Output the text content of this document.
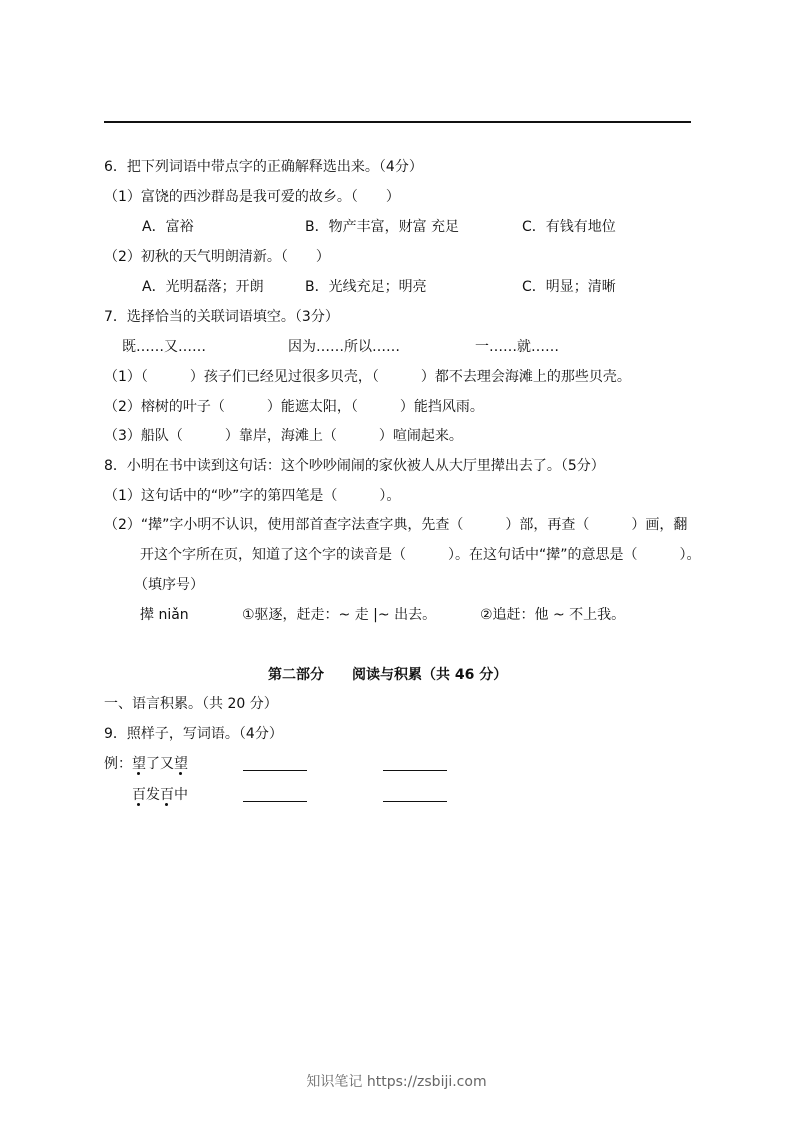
6．把下列词语中带点字的正确解释选出来。（4分）
（1）富饶的西沙群岛是我可爱的故乡。（　　）
A．富裕	B．物产丰富，财富 充足	C．有钱有地位
（2）初秋的天气明朗清新。（　　）
A．光明磊落；开朗	B．光线充足；明亮	C．明显；清晰
7．选择恰当的关联词语填空。（3分）
既……又……	因为……所以……	一……就……
（1）（　　　）孩子们已经见过很多贝壳，（　　　）都不去理会海滩上的那些贝壳。
（2）榕树的叶子（　　　）能遮太阳，（　　　）能挡风雨。
（3）船队（　　　）靠岸，海滩上（　　　）喧闹起来。
8．小明在书中读到这句话：这个吵吵闹闹的家伙被人从大厅里撵出去了。（5分）
（1）这句话中的“吵”字的第四笔是（　　　）。
（2）“撵”字小明不认识，使用部首查字法查字典，先查（　　　）部，再查（　　　）画，翻
开这个字所在页，知道了这个字的读音是（　　　）。在这句话中“撵”的意思是（　　　）。
（填序号）
撵 niǎn	①驱逐，赶走：~ 走 |~ 出去。	②追赶：他 ~ 不上我。
第二部分　　阅读与积累（共 46 分）
一、语言积累。（共 20 分）
9．照样子，写词语。（4分）
例： 望了又望
百发百中
知识笔记 https://zsbiji.com
